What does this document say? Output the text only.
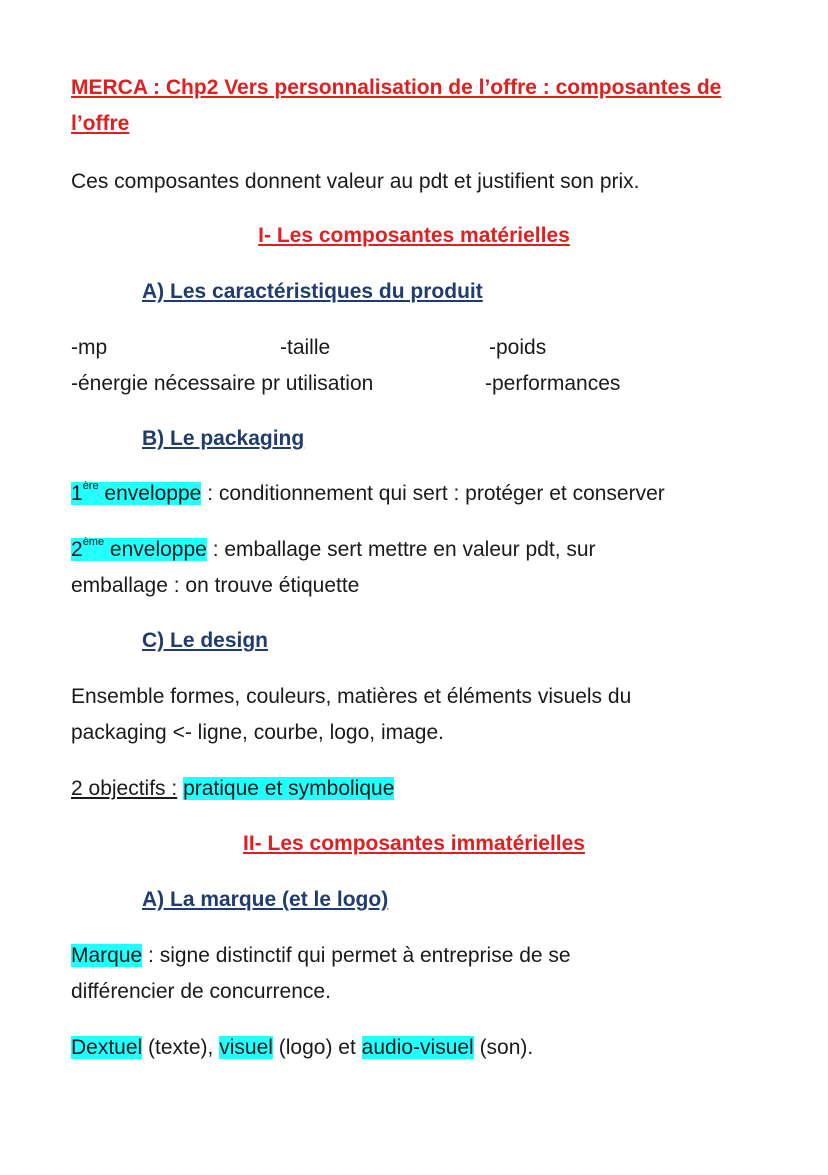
MERCA : Chp2 Vers personnalisation de l’offre : composantes de l’offre
Ces composantes donnent valeur au pdt et justifient son prix.
I- Les composantes matérielles
A) Les caractéristiques du produit
-mp	-taille	-poids
-énergie nécessaire pr utilisation	-performances
B) Le packaging
1ère enveloppe : conditionnement qui sert : protéger et conserver
2ème enveloppe : emballage sert mettre en valeur pdt, sur
emballage : on trouve étiquette
C) Le design
Ensemble formes, couleurs, matières et éléments visuels du
packaging <- ligne, courbe, logo, image.
2 objectifs : pratique et symbolique
II- Les composantes immatérielles
A) La marque (et le logo)
Marque : signe distinctif qui permet à entreprise de se
différencier de concurrence.
Dextuel (texte), visuel (logo) et audio-visuel (son).
